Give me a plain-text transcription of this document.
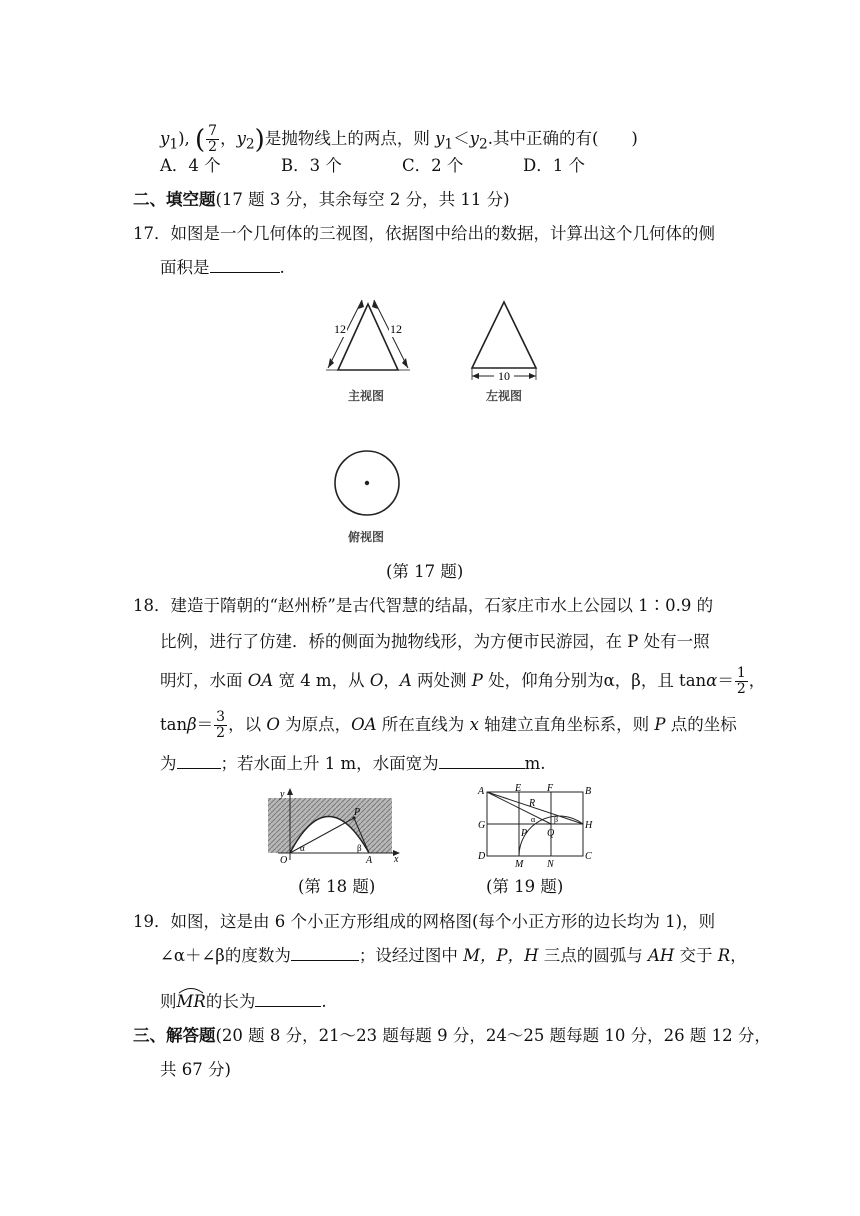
$y_1$), ( $\frac{7}{2}$ ，$y_2$)是抛物线上的两点，则 $y_1<y_2$.其中正确的有(　　)
A．4 个	B．3 个	C．2 个	D．1 个
二、填空题(17 题 3 分，其余每空 2 分，共 11 分)
17．如图是一个几何体的三视图，依据图中给出的数据，计算出这个几何体的侧
面积是	.
12	12
主视图
10
左视图
俯视图
(第 17 题)
18．建造于隋朝的“赵州桥”是古代智慧的结晶，石家庄市水上公园以 1∶0.9 的
比例，进行了仿建．桥的侧面为抛物线形，为方便市民游园，在 P 处有一照
明灯，水面 OA 宽 4 m，从 O，A 两处测 P 处，仰角分别为α，β，且 $\tan\alpha= \frac{1}{2}$ ，
$\tan\beta= \frac{3}{2}$ ，以 O 为原点，OA 所在直线为 x 轴建立直角坐标系，则 P 点的坐标
为	；若水面上升 1 m，水面宽为	m.
y
x
O	A
P
α	β
(第 18 题)
A	E	F	B
R
G	H
P Q
α β
D
M N
C
(第 19 题)
19．如图，这是由 6 个小正方形组成的网格图(每个小正方形的边长均为 1)，则
∠α＋∠β的度数为	；设经过图中 M，P，H 三点的圆弧与 AH 交于 R，
则MR的长为	.
三、解答题(20 题 8 分，21～23 题每题 9 分，24～25 题每题 10 分，26 题 12 分，
共 67 分)
